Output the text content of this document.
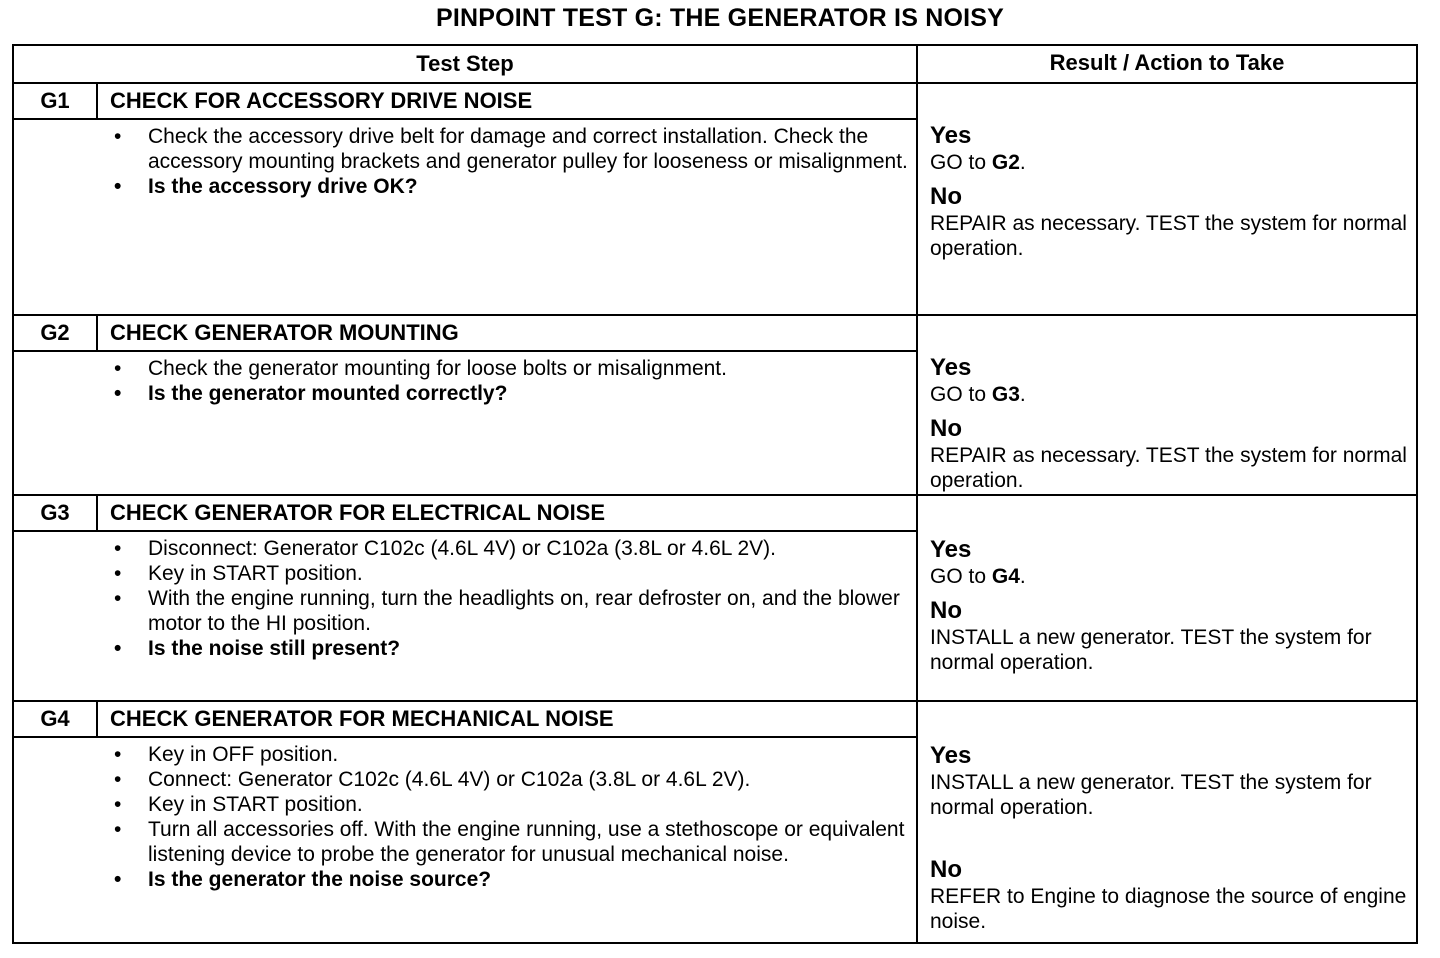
PINPOINT TEST G: THE GENERATOR IS NOISY
Test Step	Result / Action to Take
G1	CHECK FOR ACCESSORY DRIVE NOISE
• Check the accessory drive belt for damage and correct installation. Check the accessory mounting brackets and generator pulley for looseness or misalignment.
• Is the accessory drive OK?
Yes
GO to G2.
No
REPAIR as necessary. TEST the system for normal operation.
G2	CHECK GENERATOR MOUNTING
• Check the generator mounting for loose bolts or misalignment.
• Is the generator mounted correctly?
Yes
GO to G3.
No
REPAIR as necessary. TEST the system for normal operation.
G3	CHECK GENERATOR FOR ELECTRICAL NOISE
• Disconnect: Generator C102c (4.6L 4V) or C102a (3.8L or 4.6L 2V).
• Key in START position.
• With the engine running, turn the headlights on, rear defroster on, and the blower motor to the HI position.
• Is the noise still present?
Yes
GO to G4.
No
INSTALL a new generator. TEST the system for normal operation.
G4	CHECK GENERATOR FOR MECHANICAL NOISE
• Key in OFF position.
• Connect: Generator C102c (4.6L 4V) or C102a (3.8L or 4.6L 2V).
• Key in START position.
• Turn all accessories off. With the engine running, use a stethoscope or equivalent listening device to probe the generator for unusual mechanical noise.
• Is the generator the noise source?
Yes
INSTALL a new generator. TEST the system for normal operation.
No
REFER to Engine to diagnose the source of engine noise.
